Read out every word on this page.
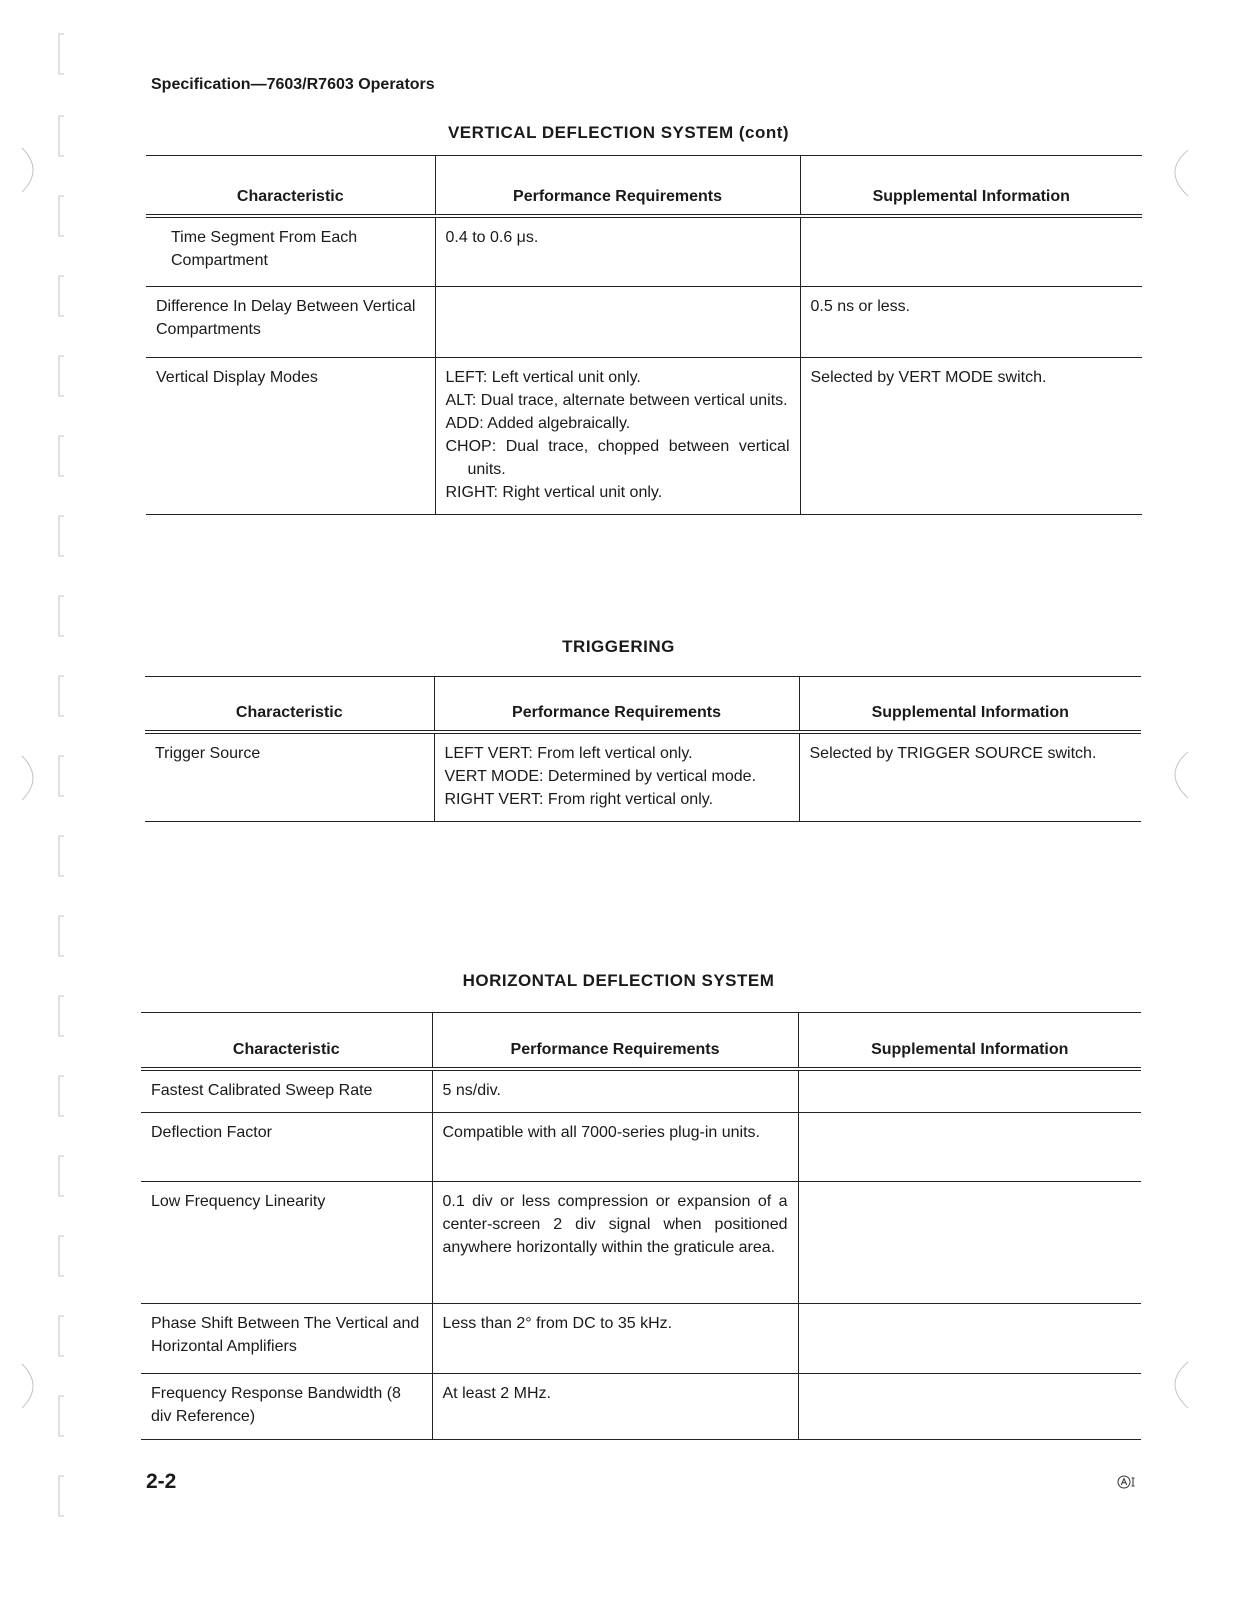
Specification—7603/R7603 Operators
VERTICAL DEFLECTION SYSTEM (cont)
Characteristic	Performance Requirements	Supplemental Information
Time Segment From Each Compartment	0.4 to 0.6 μs.	
Difference In Delay Between Vertical Compartments		0.5 ns or less.
Vertical Display Modes	LEFT: Left vertical unit only.

ALT: Dual trace, alternate between vertical units.

ADD: Added algebraically.

CHOP: Dual trace, chopped between vertical units.

RIGHT: Right vertical unit only.	Selected by VERT MODE switch.
TRIGGERING
Characteristic	Performance Requirements	Supplemental Information
Trigger Source	LEFT VERT: From left vertical only.

VERT MODE: Determined by vertical mode.

RIGHT VERT: From right vertical only.	Selected by TRIGGER SOURCE switch.
HORIZONTAL DEFLECTION SYSTEM
Characteristic	Performance Requirements	Supplemental Information
Fastest Calibrated Sweep Rate	5 ns/div.	
Deflection Factor	Compatible with all 7000-series plug-in units.	
Low Frequency Linearity	0.1 div or less compression or expansion of a center-screen 2 div signal when positioned anywhere horizontally within the graticule area.	
Phase Shift Between The Vertical and Horizontal Amplifiers	Less than 2° from DC to 35 kHz.	
Frequency Response Bandwidth (8 div Reference)	At least 2 MHz.	
2-2
